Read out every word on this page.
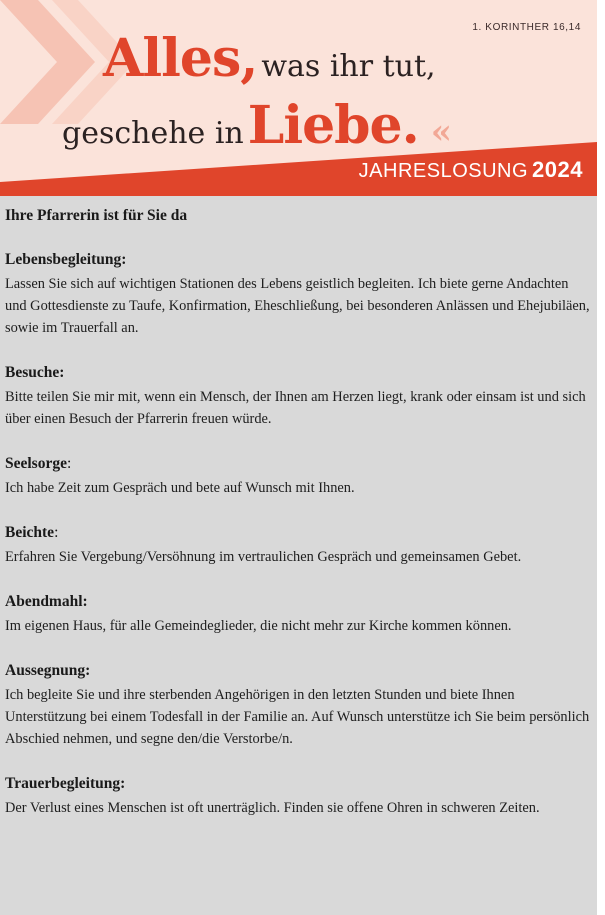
1. KORINTHER 16,14
Alles, was ihr tut,
geschehe in Liebe. «
JAHRESLOSUNG 2024
Ihre Pfarrerin ist für Sie da
Lebensbegleitung:

Lassen Sie sich auf wichtigen Stationen des Lebens geistlich begleiten. Ich biete gerne Andachten und Gottesdienste zu Taufe, Konfirmation, Eheschließung, bei besonderen Anlässen und Ehejubiläen, sowie im Trauerfall an.

Besuche:

Bitte teilen Sie mir mit, wenn ein Mensch, der Ihnen am Herzen liegt, krank oder einsam ist und sich über einen Besuch der Pfarrerin freuen würde.

Seelsorge:

Ich habe Zeit zum Gespräch und bete auf Wunsch mit Ihnen.

Beichte:

Erfahren Sie Vergebung/Versöhnung im vertraulichen Gespräch und gemeinsamen Gebet.

Abendmahl:

Im eigenen Haus, für alle Gemeindeglieder, die nicht mehr zur Kirche kommen können.

Aussegnung:

Ich begleite Sie und ihre sterbenden Angehörigen in den letzten Stunden und biete Ihnen Unterstützung bei einem Todesfall in der Familie an. Auf Wunsch unterstütze ich Sie beim persönlich Abschied nehmen, und segne den/die Verstorbe/n.

Trauerbegleitung:

Der Verlust eines Menschen ist oft unerträglich. Finden sie offene Ohren in schweren Zeiten.
